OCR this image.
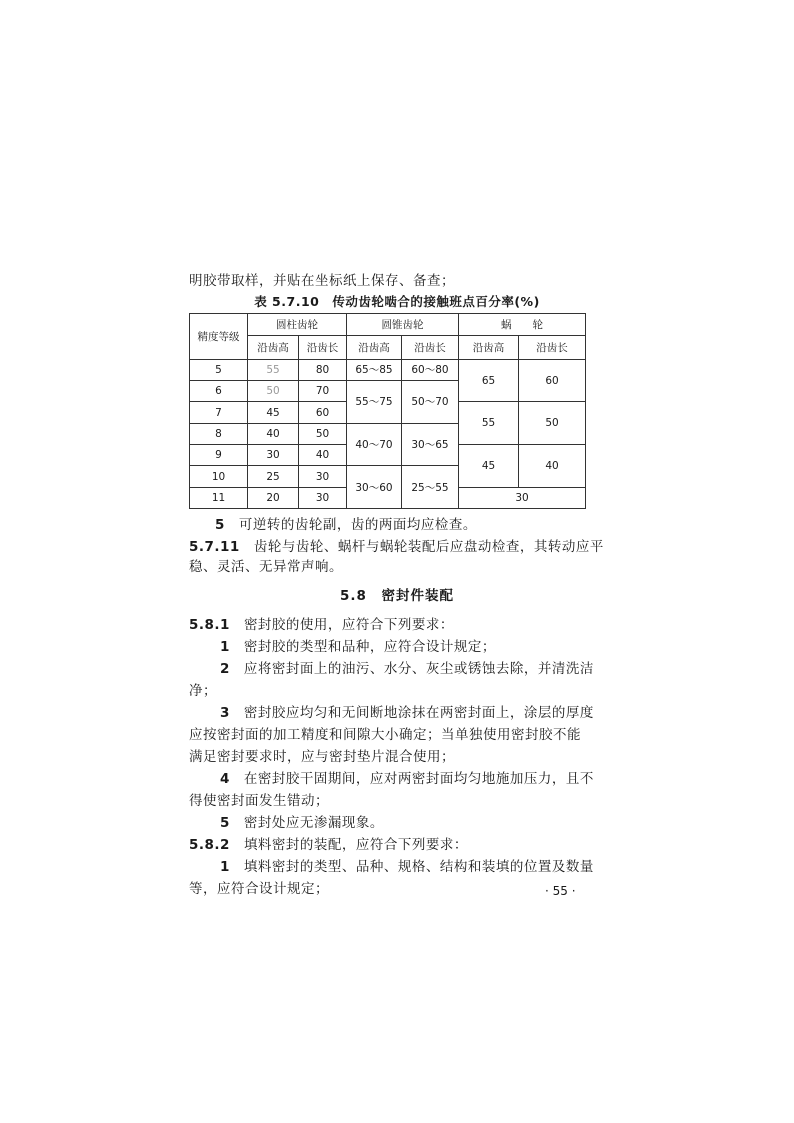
明胶带取样，并贴在坐标纸上保存、备查；
表 5.7.10　传动齿轮啮合的接触班点百分率(%)
精度等级	圆柱齿轮		圆锥齿轮		蜗　　轮	
	沿齿高	沿齿长	沿齿高	沿齿长	沿齿高	沿齿长
5	55	80	65～85	60～80	65	60
6	50	70	55～75	50～70		
7	45	60			55	50
8	40	50	40～70	30～65		
9	30	40			45	40
10	25	30	30～60	25～55		
11	20	30			30	
5　 可逆转的齿轮副，齿的两面均应检查。
5.7.11　 齿轮与齿轮、蜗杆与蜗轮装配后应盘动检查，其转动应平
稳、灵活、无异常声响。
5.8　 密封件装配
5.8.1　 密封胶的使用，应符合下列要求：
1　 密封胶的类型和品种，应符合设计规定；
2　 应将密封面上的油污、水分、灰尘或锈蚀去除，并清洗洁
净；
3　 密封胶应均匀和无间断地涂抹在两密封面上，涂层的厚度
应按密封面的加工精度和间隙大小确定；当单独使用密封胶不能
满足密封要求时，应与密封垫片混合使用；
4　 在密封胶干固期间，应对两密封面均匀地施加压力，且不
得使密封面发生错动；
5　 密封处应无渗漏现象。
5.8.2　 填料密封的装配，应符合下列要求：
1　 填料密封的类型、品种、规格、结构和装填的位置及数量
等，应符合设计规定；	· 55 ·
